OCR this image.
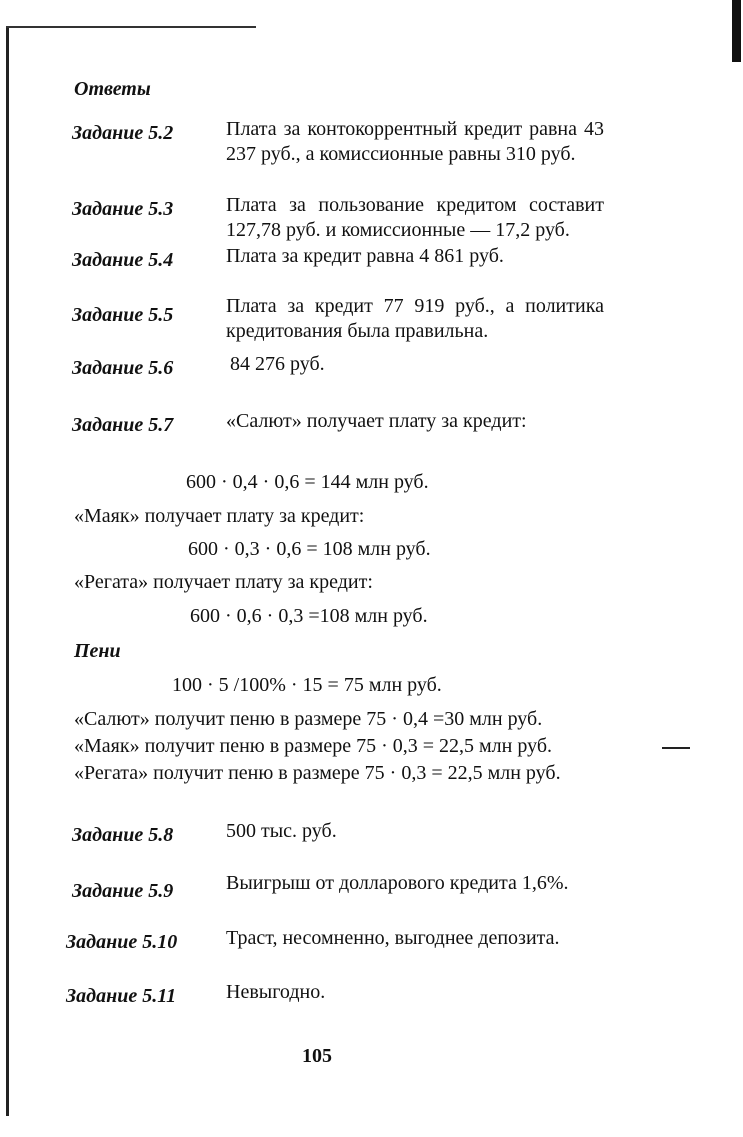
Ответы
Задание 5.2	Плата за контокоррентный кредит равна 43 237 руб., а комиссионные равны 310 руб.
Задание 5.3	Плата за пользование кредитом составит 127,78 руб. и комиссионные — 17,2 руб.
Задание 5.4	Плата за кредит равна 4 861 руб.
Задание 5.5	Плата за кредит 77 919 руб., а политика кредитования была правильна.
Задание 5.6	84 276 руб.
Задание 5.7	«Салют» получает плату за кредит:
600 · 0,4 · 0,6 = 144 млн руб.
«Маяк» получает плату за кредит:
600 · 0,3 · 0,6 = 108 млн руб.
«Регата» получает плату за кредит:
600 · 0,6 · 0,3 =108 млн руб.
Пени
100 · 5 /100% · 15 = 75 млн руб.
«Салют» получит пеню в размере 75 · 0,4 =30 млн руб.
«Маяк» получит пеню в размере 75 · 0,3 = 22,5 млн руб.
«Регата» получит пеню в размере 75 · 0,3 = 22,5 млн руб.
Задание 5.8	500 тыс. руб.
Задание 5.9	Выигрыш от долларового кредита 1,6%.
Задание 5.10 Траст, несомненно, выгоднее депозита.
Задание 5.11 Невыгодно.
105
